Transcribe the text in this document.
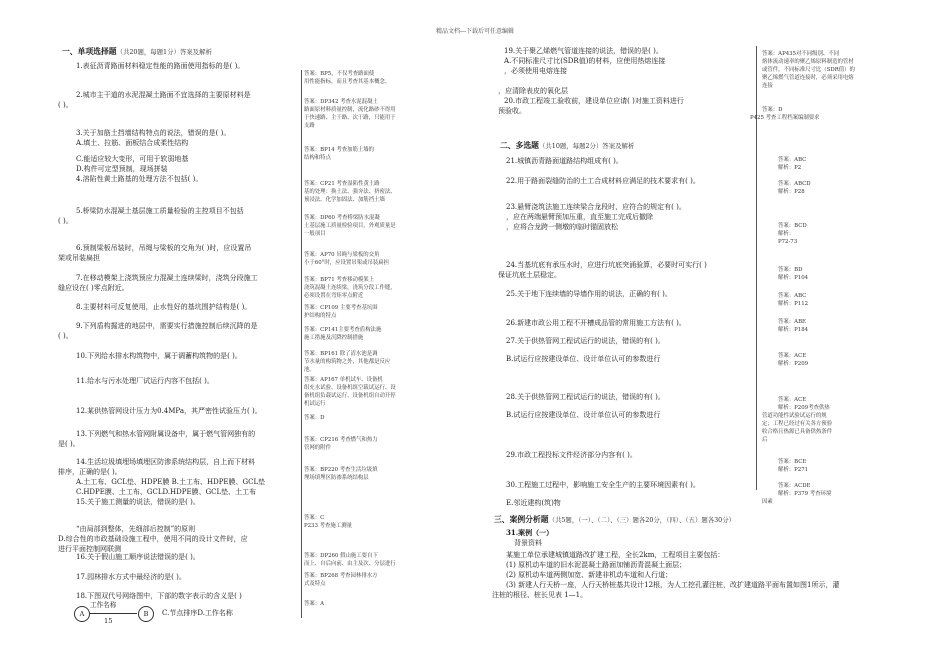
精品文档---下载后可任意编辑
一、单项选择题（共20题，每题1分）答案及解析
1.表征沥青路面材料稳定性能的路面使用指标的是( )。
2.城市主干道的水泥混凝土路面不宜选择的主要原材料是
( )。
3.关于加筋土挡墙结构特点的说法，错误的是( )。
A.填土、拉筋、面板结合成柔性结构
C.能适应较大变形，可用于软弱地基
D.构件可定型预制，现场拼装
4.溶陷性黄土路基的处理方法不包括( )。
5.桥梁防水混凝土基层施工质量检验的主控项目不包括
( )。
6.预制梁板吊装时，吊绳与梁板的交角为( )时，应设置吊
架或吊装扁担
7.在移动模架上浇筑预应力混凝土连续梁时，浇筑分段施工
缝应设在( )零点附近。
8.主要材料可反复使用，止水性好的基坑围护结构是( )。
9.下列盾构掘进的地层中，需要实行措施控制后续沉降的是
( )。
10.下列给水排水构筑物中，属于调蓄构筑物的是( )。
11.给水与污水处理厂试运行内容不包括( )。
12.某供热管网设计压力为0.4MPa，其严密性试验压力( )。
13.下列燃气和热水管网附属设备中，属于燃气管网独有的
是( )。
14.生活垃圾填埋场填埋区防渗系统结构层，自上而下材料
排序，正确的是( )。
A.土工布、GCL垫、HDPE膜 B.土工布、HDPE膜、GCL垫
C.HDPE膜、土工布、GCLD.HDPE膜、GCL垫、土工布
15.关于施工测量的说法，错误的是( )。
“由局部到整体，先细部后控制”的原则
D.综合性的市政基础设施工程中，使用不同的设计文件时，应
进行平面控制网联测
16.关于假山施工顺序说法错误的是( )。
17.园林排水方式中最经济的是( )。
18.下图双代号网络图中，下部的数字表示的含义是( )
答案：BP5，不仅考查路面使
用性能指标，而且考查其基本概念。
答案：DP342 考查水泥混凝土
路面原材料质量控制，流化路砂不得用
于快速路、主干路、次干路，只能用于
支路
答案：BP14 考查加筋土墙的
结构和特点
答案：CP21 考查湿陷性黄土路
基的处理：换土法、强夯法、挤密法、
预浸法、化学加固法、加筋挡土墙
答案：DP60 考查桥梁防水混凝
土基层施工质量检验项目，外观质量是
一般项目
答案：AP70 吊绳与梁板的交角
小于60°时，应设置吊架或吊装扁担
答案：BP71 考查移动模架上
浇筑混凝土连续梁，浇筑分段工作缝，
必须设置在弯矩零点附近
答案：CP109 主要考查基坑围
护结构的特点
答案：CP141主要考查盾构法施
施工措施及沉降控制措施
答案：BP161 除了清水池是调
节水量的构筑物之外，其他都是反应
池。
答案：AP167 单机试车、设备机
组充水试验、设备机组空载试运行、设
备机组负载试运行、设备机组自动开停
机试运行
答案：D
答案：CP216 考查燃气和热力
管网的附件
答案：BP220 考查生活垃圾填
埋场填埋区防渗系统结构层
答案：C
P233 考查施工测量
答案：DP260 假山施工要自下
而上、自后向前、由主及次、分层进行
答案：BP268 考查园林排水方
式及特点
答案：A
A	B
工作名称
15
C.节点排序D.工作名称
19.关于聚乙烯燃气管道连接的说法，错误的是( )。
A.不同标准尺寸比(SDR值)的材料，应使用热熔连接
，必须使用电熔连接
，应清除表皮的氧化层
20.市政工程竣工验收前，建设单位应请( )对施工资料进行
预验收。
答案：AP435对不同级别、不同
熔体流动速率的聚乙烯原料制造的管材
或管件，不同标准尺寸比（SDR值）的
聚乙烯燃气管道连接时，必须采用电熔
连接
答案：D
P425 考查工程档案编制要求
二、多选题（共10题，每题2分）答案及解析
21.城镇沥青路面道路结构组成有( )。
22.用于路面裂缝防治的土工合成材料应满足的技术要求有( )。
23.悬臂浇筑法施工连续梁合龙段时，应符合的规定有( )。
，应在两端悬臂预加压重，直至施工完成后撤除
，应将合龙跨一侧墩的临时锚固放松
24.当基坑底有承压水时，应进行坑底突涌验算，必要时可实行( )
保证坑底土层稳定。
25.关于地下连续墙的导墙作用的说法，正确的有( )。
26.新建市政公用工程不开槽成品管的常用施工方法有( )。
27.关于供热管网工程试运行的说法，错误的有( )。
B.试运行应按建设单位、设计单位认可的参数进行
28.关于供热管网工程试运行的说法，错误的有( )。
B.试运行应按建设单位、设计单位认可的参数进行
29.市政工程投标文件经济部分内容有( )。
30.工程施工过程中，影响施工安全生产的主要环境因素有( )。
E.邻近建构(筑)物
答案：ABC
解析：P2
答案：ABCD
解析：P28
答案：BCD
解析：
P72-73
答案：BD
解析：P104
答案：ABC
解析：P112
答案：ABE
解析：P184
答案：ACE
解析：P209
答案：ACE
解析：P209考查供热
管道功能性试验试运行的规
定；工程已经过有关各方预验
收合格且热源已具备供热条件
后
答案：BCE
解析：P271
答案：ACDE
解析：P379 考查环境
因素
三、案例分析题（共5题，（一）、（二）、（三）题各20分，（四）、（五）题各30分）
31.案例（一）
背景资料
某施工单位承建城镇道路改扩建工程，全长2km，工程项目主要包括：
(1) 原机动车道的旧水泥混凝土路面加铺沥青混凝土面层；
(2) 原机动车道两侧加宽、新建非机动车道和人行道；
(3) 新建人行天桥一座，人行天桥桩基共设计12根，为人工挖孔灌注桩，改扩建道路平面布置如图1所示，灌
注桩的根径、桩长见表 1—1。
